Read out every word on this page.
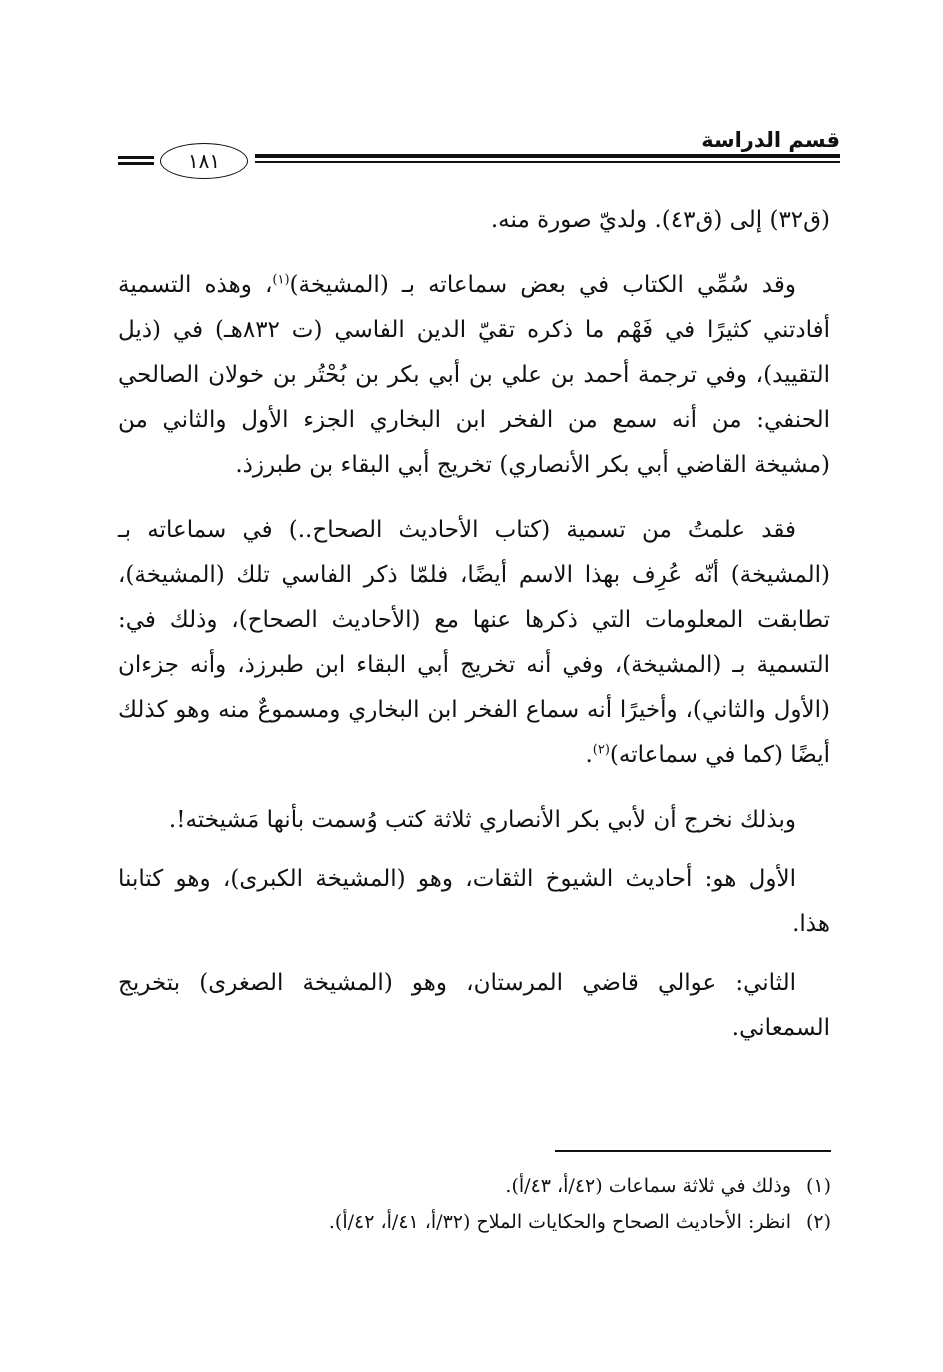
قسم الدراسة
١٨١

(ق٣٢) إلى (ق٤٣). ولديّ صورة منه.

وقد سُمِّي الكتاب في بعض سماعاته بـ (المشيخة)$^{(١)}$، وهذه التسمية أفادتني كثيرًا في فَهْم ما ذكره تقيّ الدين الفاسي (ت ٨٣٢هـ) في (ذيل التقييد)، وفي ترجمة أحمد بن علي بن أبي بكر بن بُحْتُر بن خولان الصالحي الحنفي: من أنه سمع من الفخر ابن البخاري الجزء الأول والثاني من (مشيخة القاضي أبي بكر الأنصاري) تخريج أبي البقاء بن طبرزذ.

فقد علمتُ من تسمية (كتاب الأحاديث الصحاح..) في سماعاته بـ (المشيخة) أنّه عُرِف بهذا الاسم أيضًا، فلمّا ذكر الفاسي تلك (المشيخة)، تطابقت المعلومات التي ذكرها عنها مع (الأحاديث الصحاح)، وذلك في: التسمية بـ (المشيخة)، وفي أنه تخريج أبي البقاء ابن طبرزذ، وأنه جزءان (الأول والثاني)، وأخيرًا أنه سماع الفخر ابن البخاري ومسموعٌ منه وهو كذلك أيضًا (كما في سماعاته)$^{(٢)}$.

وبذلك نخرج أن لأبي بكر الأنصاري ثلاثة كتب وُسمت بأنها مَشيخته!.

الأول هو: أحاديث الشيوخ الثقات، وهو (المشيخة الكبرى)، وهو كتابنا هذا.

الثاني: عوالي قاضي المرستان، وهو (المشيخة الصغرى) بتخريج السمعاني.

(١)وذلك في ثلاثة سماعات (٤٢/أ، ٤٣/أ).
(٢)انظر: الأحاديث الصحاح والحكايات الملاح (٣٢/أ، ٤١/أ، ٤٢/أ).
